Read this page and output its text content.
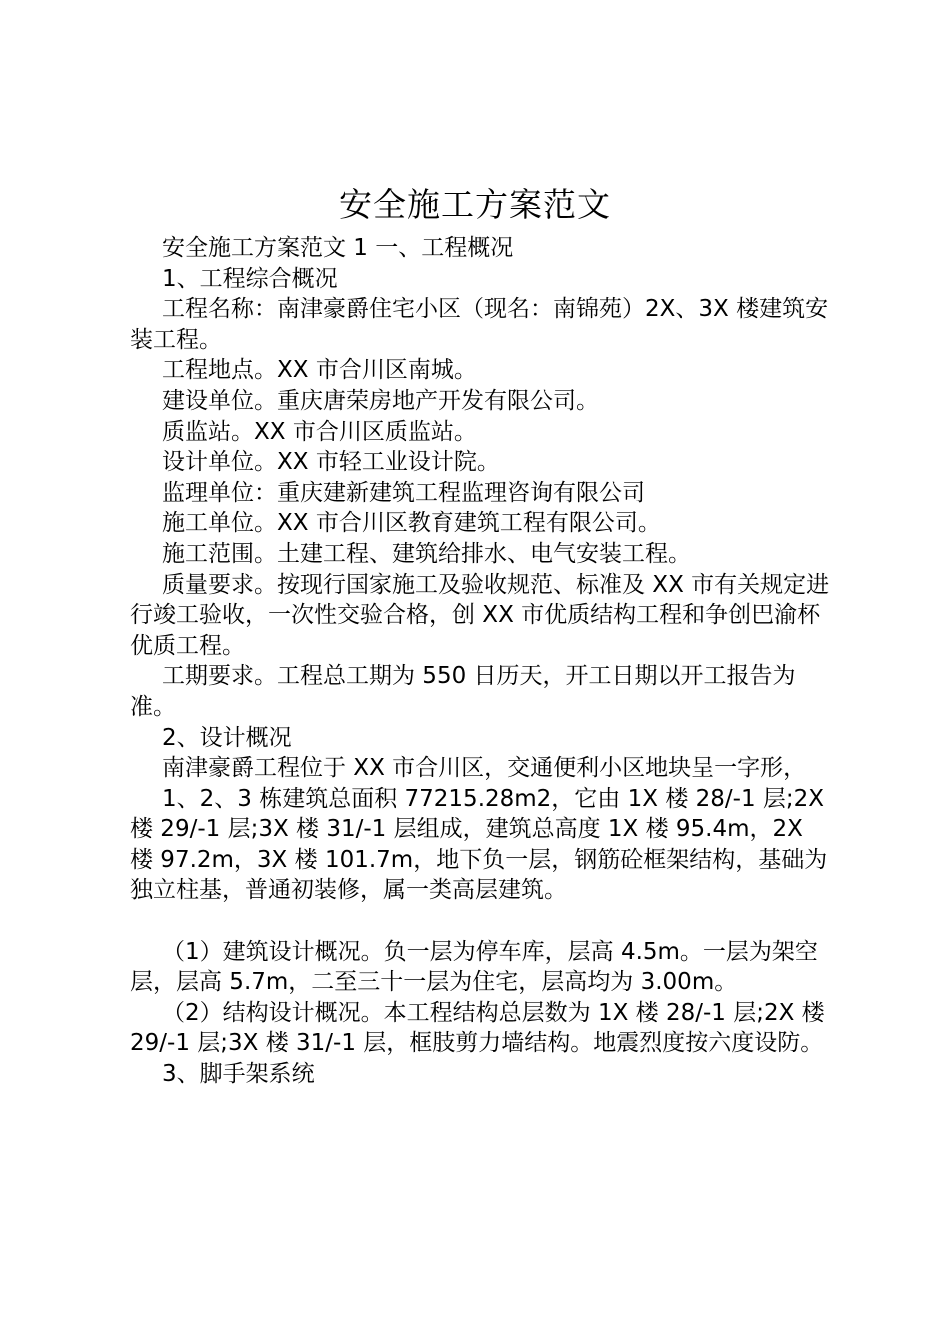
安全施工方案范文

安全施工方案范文 1 一、工程概况

1、工程综合概况

工程名称：南津豪爵住宅小区（现名：南锦苑）2X、3X 楼建筑安装工程。

工程地点。XX 市合川区南城。

建设单位。重庆唐荣房地产开发有限公司。

质监站。XX 市合川区质监站。

设计单位。XX 市轻工业设计院。

监理单位：重庆建新建筑工程监理咨询有限公司

施工单位。XX 市合川区教育建筑工程有限公司。

施工范围。土建工程、建筑给排水、电气安装工程。

质量要求。按现行国家施工及验收规范、标准及 XX 市有关规定进行竣工验收，一次性交验合格，创 XX 市优质结构工程和争创巴渝杯优质工程。

工期要求。工程总工期为 550 日历天，开工日期以开工报告为准。

2、设计概况

南津豪爵工程位于 XX 市合川区，交通便利小区地块呈一字形，

1、2、3 栋建筑总面积 77215.28m2，它由 1X 楼 28/-1 层;2X 楼 29/-1 层;3X 楼 31/-1 层组成，建筑总高度 1X 楼 95.4m，2X 楼 97.2m，3X 楼 101.7m，地下负一层，钢筋砼框架结构，基础为独立柱基，普通初装修，属一类高层建筑。

（1）建筑设计概况。负一层为停车库，层高 4.5m。一层为架空层，层高 5.7m，二至三十一层为住宅，层高均为 3.00m。

（2）结构设计概况。本工程结构总层数为 1X 楼 28/-1 层;2X 楼 29/-1 层;3X 楼 31/-1 层，框肢剪力墙结构。地震烈度按六度设防。

3、脚手架系统
